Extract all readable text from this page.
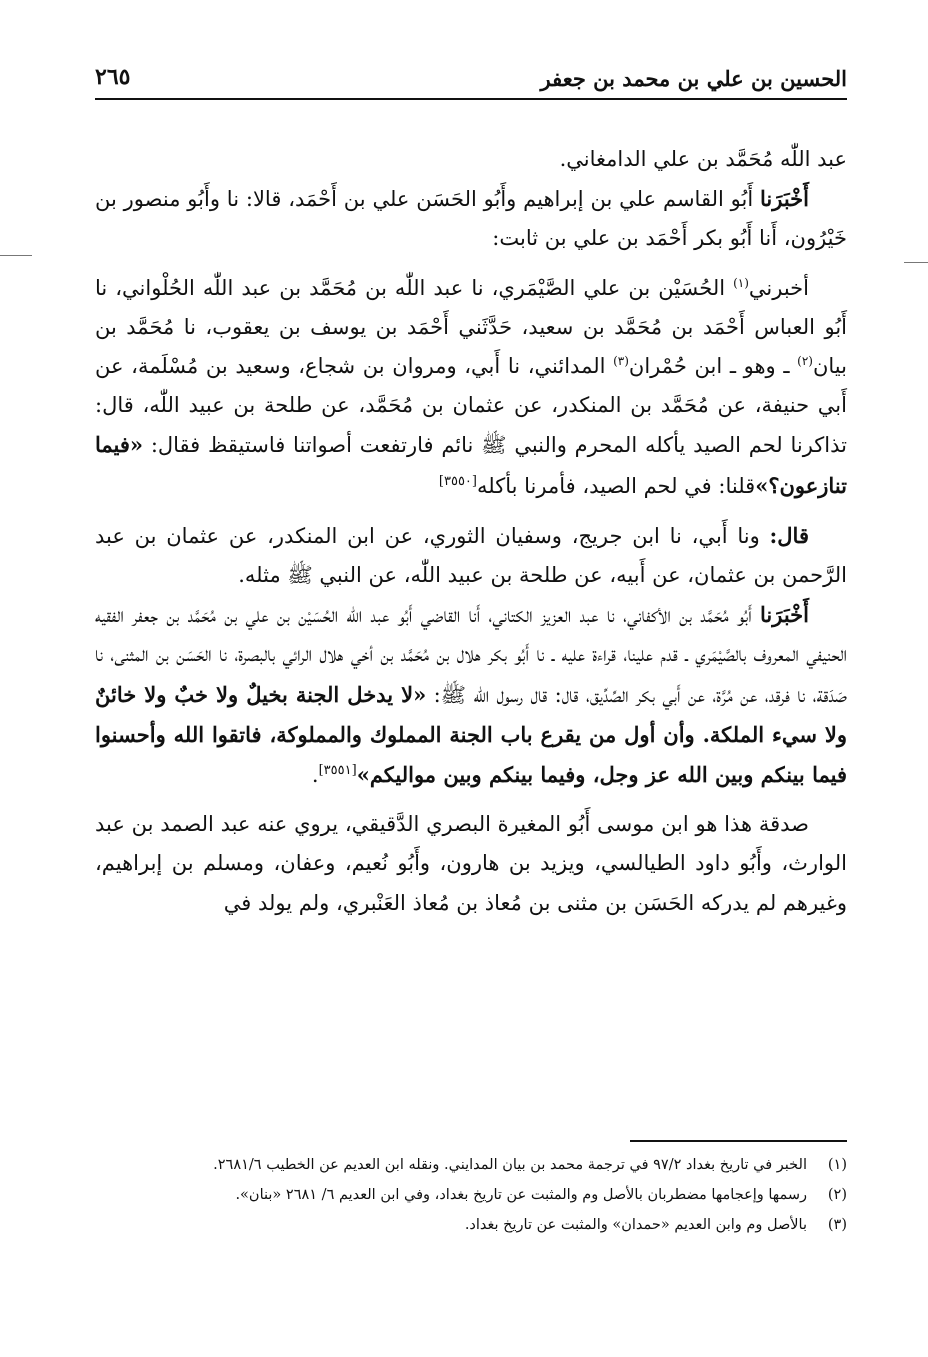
الحسين بن علي بن محمد بن جعفر
٢٦٥

عبد اللّٰه مُحَمَّد بن علي الدامغاني.

أَخْبَرَنا أَبُو القاسم علي بن إبراهيم وأَبُو الحَسَن علي بن أَحْمَد، قالا: نا وأَبُو منصور بن خَيْرُون، أَنا أَبُو بكر أَحْمَد بن علي بن ثابت:

أخبرني$^{(١)}$ الحُسَيْن بن علي الصَّيْمَري، نا عبد اللّٰه بن مُحَمَّد بن عبد اللّٰه الحُلْواني، نا أَبُو العباس أَحْمَد بن مُحَمَّد بن سعيد، حَدَّثَني أَحْمَد بن يوسف بن يعقوب، نا مُحَمَّد بن بيان$^{(٢)}$ ـ وهو ـ ابن حُمْران$^{(٣)}$ المدائني، نا أَبي، ومروان بن شجاع، وسعيد بن مُسْلَمة، عن أَبي حنيفة، عن مُحَمَّد بن المنكدر، عن عثمان بن مُحَمَّد، عن طلحة بن عبيد اللّٰه، قال: تذاكرنا لحم الصيد يأكله المحرم والنبي ﷺ نائم فارتفعت أصواتنا فاستيقظ فقال: «فيما تنازعون؟»قلنا: في لحم الصيد، فأمرنا بأكله[٣٥٥٠]

قال: ونا أَبي، نا ابن جريج، وسفيان الثوري، عن ابن المنكدر، عن عثمان بن عبد الرَّحمن بن عثمان، عن أَبيه، عن طلحة بن عبيد اللّٰه، عن النبي ﷺ مثله.

أَخْبَرَنا أَبُو مُحَمَّد بن الأكفاني، نا عبد العزيز الكتاني، أَنا القاضي أَبُو عبد اللّٰه الحُسَيْن بن علي بن مُحَمَّد بن جعفر الفقيه الحنيفي المعروف بالصَّيْمَري ـ قدم علينا، قراءة عليه ـ نا أَبُو بكر هلال بن مُحَمَّد بن أخي هلال الرائي بالبصرة، نا الحَسَن بن المثنى، نا صَدَقة، نا فرقد، عن مُرَّة، عن أَبي بكر الصِّدِّيق، قال: قال رسول اللّٰه ﷺ: «لا يدخل الجنة بخيلٌ ولا خبٌ ولا خائنٌ ولا سيء الملكة. وأن أول من يقرع باب الجنة المملوك والمملوكة، فاتقوا الله وأحسنوا فيما بينكم وبين الله عز وجل، وفيما بينكم وبين مواليكم»[٣٥٥١].

صدقة هذا هو ابن موسى أَبُو المغيرة البصري الدَّقيقي، يروي عنه عبد الصمد بن عبد الوارث، وأَبُو داود الطيالسي، ويزيد بن هارون، وأَبُو نُعيم، وعفان، ومسلم بن إبراهيم، وغيرهم لم يدركه الحَسَن بن مثنى بن مُعاذ بن مُعاذ العَنْبري، ولم يولد في

(١)
الخبر في تاريخ بغداد ٩٧/٢ في ترجمة محمد بن بيان المدايني. ونقله ابن العديم عن الخطيب ٢٦٨١/٦.

(٢)
رسمها وإعجامها مضطربان بالأصل وم والمثبت عن تاريخ بغداد، وفي ابن العديم ٦/ ٢٦٨١ «بنان».

(٣)
بالأصل وم وابن العديم «حمدان» والمثبت عن تاريخ بغداد.
